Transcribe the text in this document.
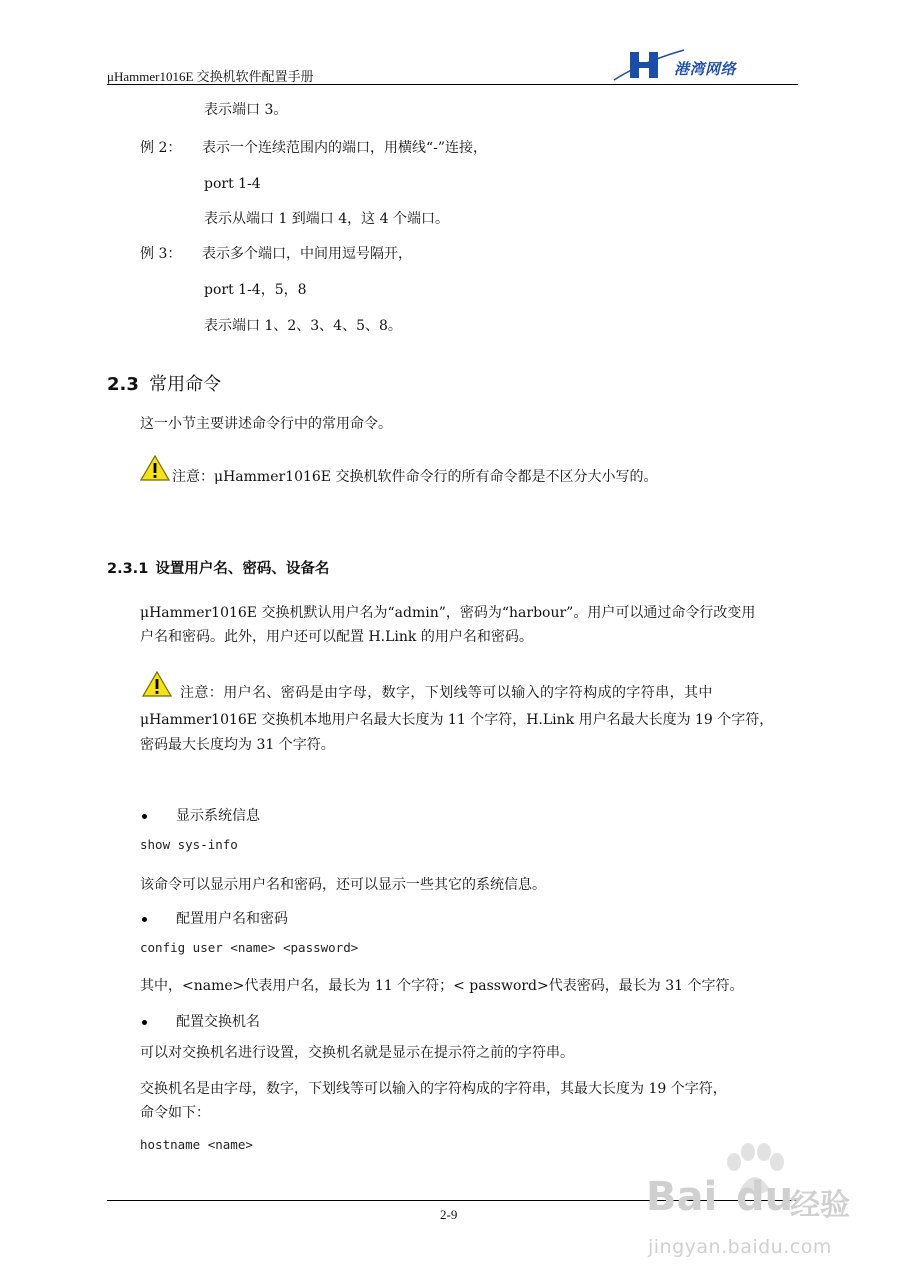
μHammer1016E 交换机软件配置手册	港湾网络
表示端口 3。
例 2： 表示一个连续范围内的端口，用横线“-”连接，
port 1-4
表示从端口 1 到端口 4，这 4 个端口。
例 3： 表示多个端口，中间用逗号隔开，
port 1-4，5，8
表示端口 1、2、3、4、5、8。
2.3 常用命令
这一小节主要讲述命令行中的常用命令。
注意：μHammer1016E 交换机软件命令行的所有命令都是不区分大小写的。
2.3.1 设置用户名、密码、设备名
μHammer1016E 交换机默认用户名为“admin”，密码为“harbour”。用户可以通过命令行改变用
户名和密码。此外，用户还可以配置 H.Link 的用户名和密码。
注意：用户名、密码是由字母，数字，下划线等可以输入的字符构成的字符串，其中
μHammer1016E 交换机本地用户名最大长度为 11 个字符，H.Link 用户名最大长度为 19 个字符，
密码最大长度均为 31 个字符。
显示系统信息
show sys-info
该命令可以显示用户名和密码，还可以显示一些其它的系统信息。
配置用户名和密码
config user <name> <password>
其中，<name>代表用户名，最长为 11 个字符；< password>代表密码，最长为 31 个字符。
配置交换机名
可以对交换机名进行设置，交换机名就是显示在提示符之前的字符串。
交换机名是由字母，数字，下划线等可以输入的字符构成的字符串，其最大长度为 19 个字符，
命令如下：
hostname <name>
2-9	Bai du
经验
jingyan.baidu.com
